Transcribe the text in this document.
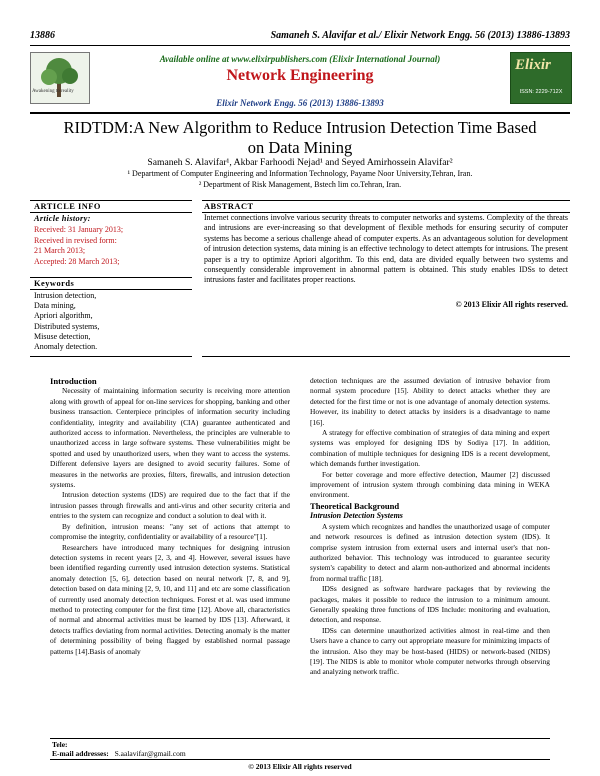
13886	Samaneh S. Alavifar et al./ Elixir Network Engg. 56 (2013) 13886-13893
Awakening to reality
Available online at www.elixirpublishers.com (Elixir International Journal)
Network Engineering
Elixir Network Engg. 56 (2013) 13886-13893
Elixir
ISSN: 2229-712X
RIDTDM:A New Algorithm to Reduce Intrusion Detection Time Based on Data Mining
Samaneh S. Alavifar¹, Akbar Farhoodi Nejad¹ and Seyed Amirhossein Alavifar²
¹ Department of Computer Engineering and Information Technology, Payame Noor University,Tehran, Iran.
² Department of Risk Management, Bstech lim co.Tehran, Iran.
ARTICLE INFO
Article history:
Received: 31 January 2013;
Received in revised form:
21 March 2013;
Accepted: 28 March 2013;
Keywords
Intrusion detection,
Data mining,
Apriori algorithm,
Distributed systems,
Misuse detection,
Anomaly detection.
ABSTRACT
Internet connections involve various security threats to computer networks and systems. Complexity of the threats and intrusions are ever-increasing so that development of flexible methods for ensuring security of computer systems has become a serious challenge ahead of computer experts. As an advantageous solution for development of intrusion detection systems, data mining is an effective technology to detect attempts for intrusions. The present paper is a try to optimize Apriori algorithm. To this end, data are divided equally between two systems and consequently considerable improvement in abnormal pattern is obtained. This study enables IDSs to detect intrusions faster and facilitates proper reactions.
© 2013 Elixir All rights reserved.
Introduction

Necessity of maintaining information security is receiving more attention along with growth of appeal for on-line services for shopping, banking and other business transaction. Centerpiece principles of information security including confidentiality, integrity and availability (CIA) guarantee authenticated and authorized access to information. Nevertheless, the principles are vulnerable to unauthorized access in large software systems. These vulnerabilities might be spotted and used by unauthorized users, when they want to access the systems. Different defensive layers are designed to avoid security failures. Some of measures in the networks are proxies, filters, firewalls, and intrusion detection systems.

Intrusion detection systems (IDS) are required due to the fact that if the intrusion passes through firewalls and anti-virus and other security criteria and entries to the system can recognize and conduct a solution to deal with it.

By definition, intrusion means: "any set of actions that attempt to compromise the integrity, confidentiality or availability of a resource"[1].

Researchers have introduced many techniques for designing intrusion detection systems in recent years [2, 3, and 4]. However, several issues have been identified regarding currently used intrusion detection systems. Statistical anomaly detection [5, 6], detection based on neural network [7, 8, and 9], detection based on data mining [2, 9, 10, and 11] and etc are some classification of currently used anomaly detection techniques. Forest et al. was used immune method to protecting computer for the first time [12]. Above all, characteristics of normal and abnormal activities must be learned by IDS [13]. Afterward, it detects traffics deviating from normal activities. Detecting anomaly is the matter of determining possibility of being flagged by established normal passage patterns [14].Basis of anomaly

detection techniques are the assumed deviation of intrusive behavior from normal system procedure [15]. Ability to detect attacks whether they are detected for the first time or not is one advantage of anomaly detection systems. However, its inability to detect attacks by insiders is a disadvantage to name [16].

A strategy for effective combination of strategies of data mining and expert systems was employed for designing IDS by Sodiya [17]. In addition, combination of multiple techniques for designing IDS is a recent development, which demands further investigation.

For better coverage and more effective detection, Maumer [2] discussed improvement of intrusion system through combining data mining in WEKA environment.

Theoretical Background
Intrusion Detection Systems

A system which recognizes and handles the unauthorized usage of computer and network resources is defined as intrusion detection system (IDS). It comprise system intrusion from external users and internal user's that non-authorized behavior. This technology was introduced to guarantee security system's capability to detect and alarm non-authorized and abnormal incidents from normal traffic [18].

IDSs designed as software hardware packages that by reviewing the packages, makes it possible to reduce the intrusion to a minimum amount. Generally speaking three functions of IDS Include: monitoring and evaluation, detection, and response.

IDSs can determine unauthorized activities almost in real-time and then Users have a chance to carry out appropriate measure for minimizing impacts of the intrusion. Also they may be host-based (HIDS) or network-based (NIDS) [19]. The NIDS is able to monitor whole computer networks through observing and analyzing network traffic.

Tele:
E-mail addresses: S.aalavifar@gmail.com
© 2013 Elixir All rights reserved
